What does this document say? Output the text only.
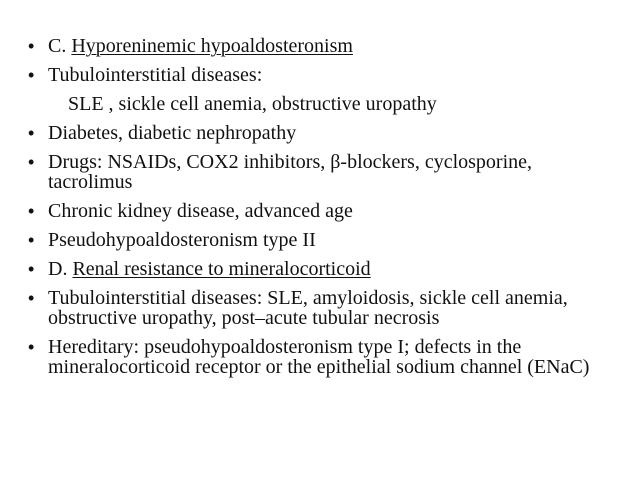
• C. Hyporeninemic hypoaldosteronism
• Tubulointerstitial diseases:
SLE , sickle cell anemia, obstructive uropathy
• Diabetes, diabetic nephropathy
• Drugs: NSAIDs, COX2 inhibitors, β-blockers, cyclosporine, tacrolimus
• Chronic kidney disease, advanced age
• Pseudohypoaldosteronism type II
• D. Renal resistance to mineralocorticoid
• Tubulointerstitial diseases: SLE, amyloidosis, sickle cell anemia, obstructive uropathy, post–acute tubular necrosis
• Hereditary: pseudohypoaldosteronism type I; defects in the mineralocorticoid receptor or the epithelial sodium channel (ENaC)
